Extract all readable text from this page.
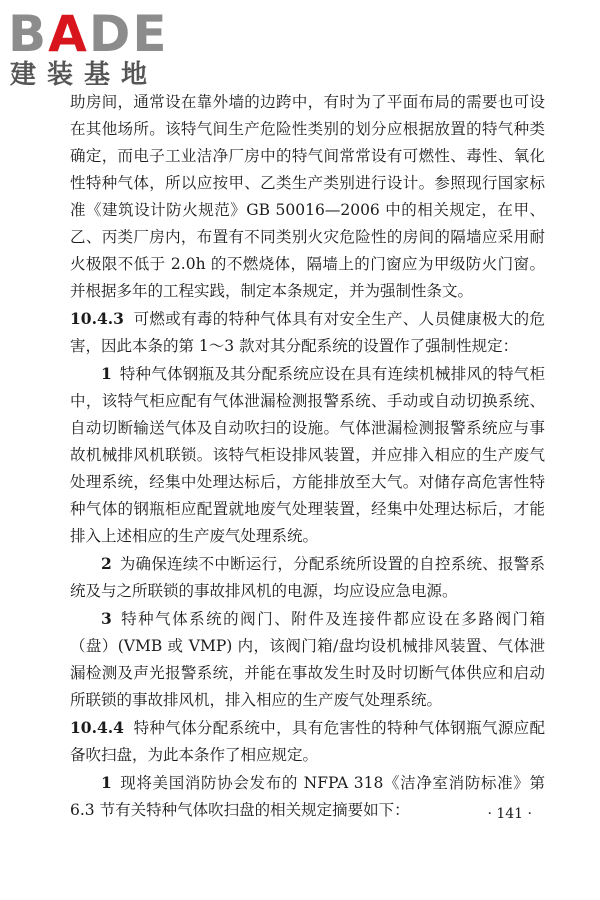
BADE
建装基地

助房间，通常设在靠外墙的边跨中，有时为了平面布局的需要也可设在其他场所。该特气间生产危险性类别的划分应根据放置的特气种类确定，而电子工业洁净厂房中的特气间常常设有可燃性、毒性、氧化性特种气体，所以应按甲、乙类生产类别进行设计。参照现行国家标准《建筑设计防火规范》GB 50016—2006 中的相关规定，在甲、乙、丙类厂房内，布置有不同类别火灾危险性的房间的隔墙应采用耐火极限不低于 2.0h 的不燃烧体，隔墙上的门窗应为甲级防火门窗。并根据多年的工程实践，制定本条规定，并为强制性条文。

10.4.3 可燃或有毒的特种气体具有对安全生产、人员健康极大的危害，因此本条的第 1～3 款对其分配系统的设置作了强制性规定：

1 特种气体钢瓶及其分配系统应设在具有连续机械排风的特气柜中，该特气柜应配有气体泄漏检测报警系统、手动或自动切换系统、自动切断输送气体及自动吹扫的设施。气体泄漏检测报警系统应与事故机械排风机联锁。该特气柜设排风装置，并应排入相应的生产废气处理系统，经集中处理达标后，方能排放至大气。对储存高危害性特种气体的钢瓶柜应配置就地废气处理装置，经集中处理达标后，才能排入上述相应的生产废气处理系统。

2 为确保连续不中断运行，分配系统所设置的自控系统、报警系统及与之所联锁的事故排风机的电源，均应设应急电源。

3 特种气体系统的阀门、附件及连接件都应设在多路阀门箱（盘）(VMB 或 VMP) 内，该阀门箱/盘均设机械排风装置、气体泄漏检测及声光报警系统，并能在事故发生时及时切断气体供应和启动所联锁的事故排风机，排入相应的生产废气处理系统。

10.4.4 特种气体分配系统中，具有危害性的特种气体钢瓶气源应配备吹扫盘，为此本条作了相应规定。

1 现将美国消防协会发布的 NFPA 318《洁净室消防标准》第 6.3 节有关特种气体吹扫盘的相关规定摘要如下：	· 141 ·
